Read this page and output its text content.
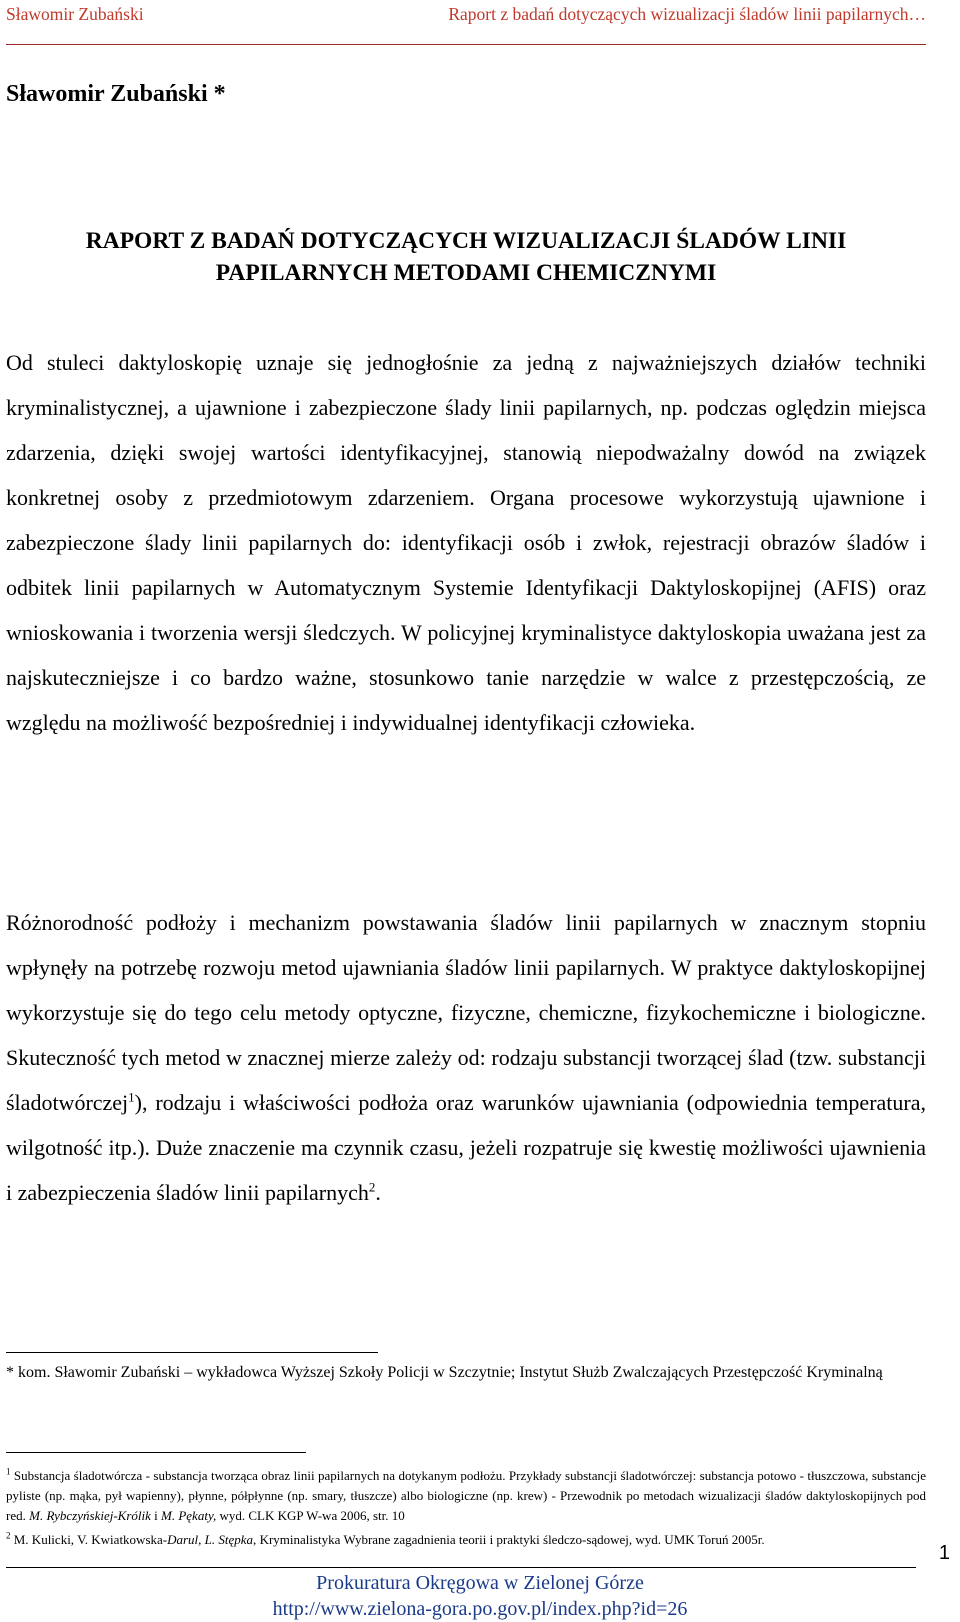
Sławomir Zubański	Raport z badań dotyczących wizualizacji śladów linii papilarnych…
Sławomir Zubański *
RAPORT Z BADAŃ DOTYCZĄCYCH WIZUALIZACJI ŚLADÓW LINII
PAPILARNYCH METODAMI CHEMICZNYMI

Od stuleci daktyloskopię uznaje się jednogłośnie za jedną z najważniejszych działów techniki kryminalistycznej, a ujawnione i zabezpieczone ślady linii papilarnych, np. podczas oględzin miejsca zdarzenia, dzięki swojej wartości identyfikacyjnej, stanowią niepodważalny dowód na związek konkretnej osoby z przedmiotowym zdarzeniem. Organa procesowe wykorzystują ujawnione i zabezpieczone ślady linii papilarnych do: identyfikacji osób i zwłok, rejestracji obrazów śladów i odbitek linii papilarnych w Automatycznym Systemie Identyfikacji Daktyloskopijnej (AFIS) oraz wnioskowania i tworzenia wersji śledczych. W policyjnej kryminalistyce daktyloskopia uważana jest za najskuteczniejsze i co bardzo ważne, stosunkowo tanie narzędzie w walce z przestępczością, ze względu na możliwość bezpośredniej i indywidualnej identyfikacji człowieka.

Różnorodność podłoży i mechanizm powstawania śladów linii papilarnych w znacznym stopniu wpłynęły na potrzebę rozwoju metod ujawniania śladów linii papilarnych. W praktyce daktyloskopijnej wykorzystuje się do tego celu metody optyczne, fizyczne, chemiczne, fizykochemiczne i biologiczne. Skuteczność tych metod w znacznej mierze zależy od: rodzaju substancji tworzącej ślad (tzw. substancji śladotwórczej$^1$), rodzaju i właściwości podłoża oraz warunków ujawniania (odpowiednia temperatura, wilgotność itp.). Duże znaczenie ma czynnik czasu, jeżeli rozpatruje się kwestię możliwości ujawnienia i zabezpieczenia śladów linii papilarnych$^2$.

* kom. Sławomir Zubański – wykładowca Wyższej Szkoły Policji w Szczytnie; Instytut Służb Zwalczających Przestępczość Kryminalną

$^1$ Substancja śladotwórcza - substancja tworząca obraz linii papilarnych na dotykanym podłożu. Przykłady substancji śladotwórczej: substancja potowo - tłuszczowa, substancje pyliste (np. mąka, pył wapienny), płynne, półpłynne (np. smary, tłuszcze) albo biologiczne (np. krew) - Przewodnik po metodach wizualizacji śladów daktyloskopijnych pod red. M. Rybczyńskiej-Królik i M. Pękaty, wyd. CLK KGP W-wa 2006, str. 10

$^2$ M. Kulicki, V. Kwiatkowska-Darul, L. Stępka, Kryminalistyka Wybrane zagadnienia teorii i praktyki śledczo-sądowej, wyd. UMK Toruń 2005r.

1
Prokuratura Okręgowa w Zielonej Górze
http://www.zielona-gora.po.gov.pl/index.php?id=26
